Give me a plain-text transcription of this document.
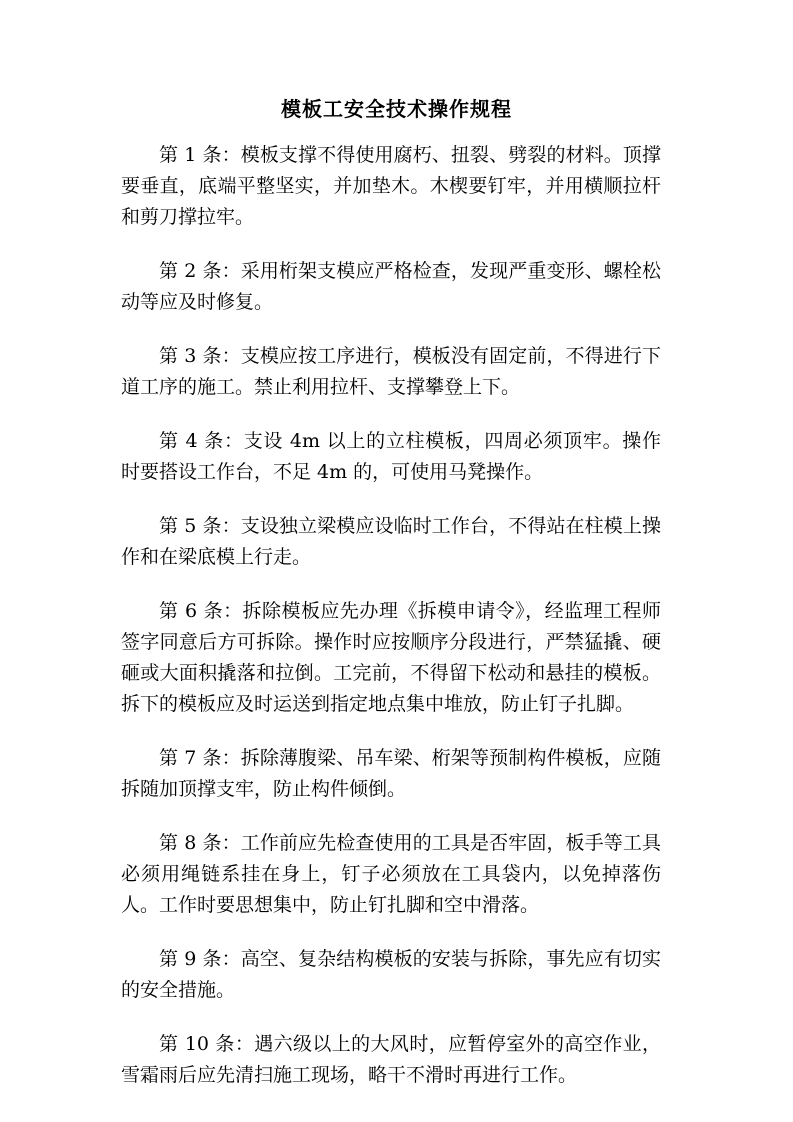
模板工安全技术操作规程

第 1 条：模板支撑不得使用腐朽、扭裂、劈裂的材料。顶撑要垂直，底端平整坚实，并加垫木。木楔要钉牢，并用横顺拉杆和剪刀撑拉牢。

第 2 条：采用桁架支模应严格检查，发现严重变形、螺栓松动等应及时修复。

第 3 条：支模应按工序进行，模板没有固定前，不得进行下道工序的施工。禁止利用拉杆、支撑攀登上下。

第 4 条：支设 4m 以上的立柱模板，四周必须顶牢。操作时要搭设工作台，不足 4m 的，可使用马凳操作。

第 5 条：支设独立梁模应设临时工作台，不得站在柱模上操作和在梁底模上行走。

第 6 条：拆除模板应先办理《拆模申请令》，经监理工程师签字同意后方可拆除。操作时应按顺序分段进行，严禁猛撬、硬砸或大面积撬落和拉倒。工完前，不得留下松动和悬挂的模板。拆下的模板应及时运送到指定地点集中堆放，防止钉子扎脚。

第 7 条：拆除薄腹梁、吊车梁、桁架等预制构件模板，应随拆随加顶撑支牢，防止构件倾倒。

第 8 条：工作前应先检查使用的工具是否牢固，板手等工具必须用绳链系挂在身上，钉子必须放在工具袋内，以免掉落伤人。工作时要思想集中，防止钉扎脚和空中滑落。

第 9 条：高空、复杂结构模板的安装与拆除，事先应有切实的安全措施。

第 10 条：遇六级以上的大风时，应暂停室外的高空作业，雪霜雨后应先清扫施工现场，略干不滑时再进行工作。
